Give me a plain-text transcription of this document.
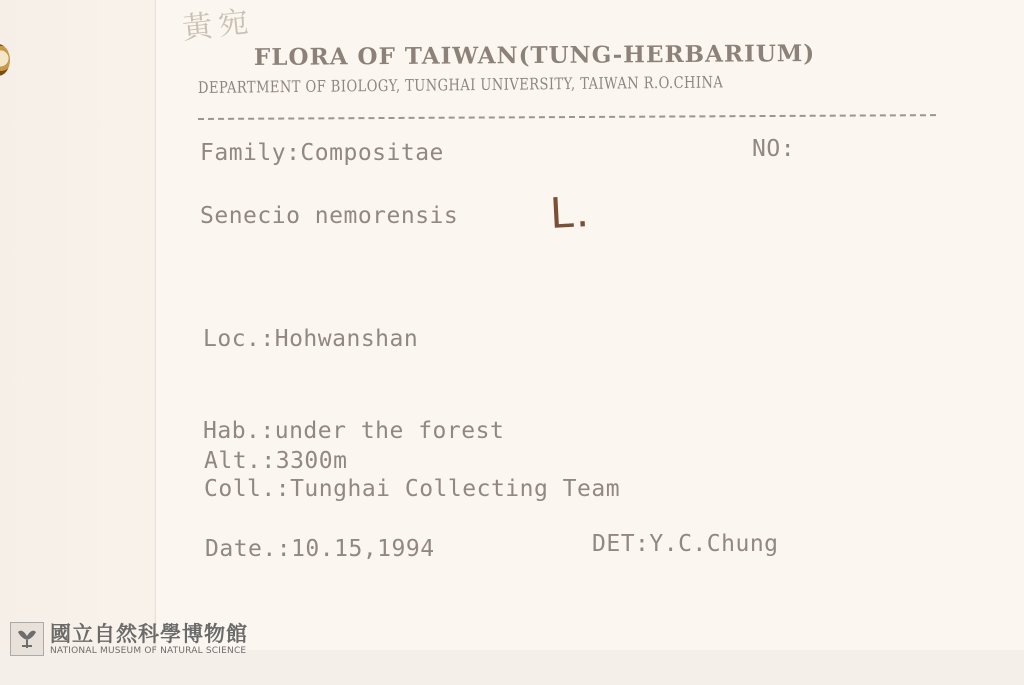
黃宛
FLORA OF TAIWAN(TUNG-HERBARIUM)
DEPARTMENT OF BIOLOGY, TUNGHAI UNIVERSITY, TAIWAN R.O.CHINA
Family:Compositae	NO:
Senecio nemorensis L.
Loc.:Hohwanshan
Hab.:under the forest
Alt.:3300m
Coll.:Tunghai Collecting Team
Date.:10.15,1994	DET:Y.C.Chung
國立自然科學博物館
NATIONAL MUSEUM OF NATURAL SCIENCE
